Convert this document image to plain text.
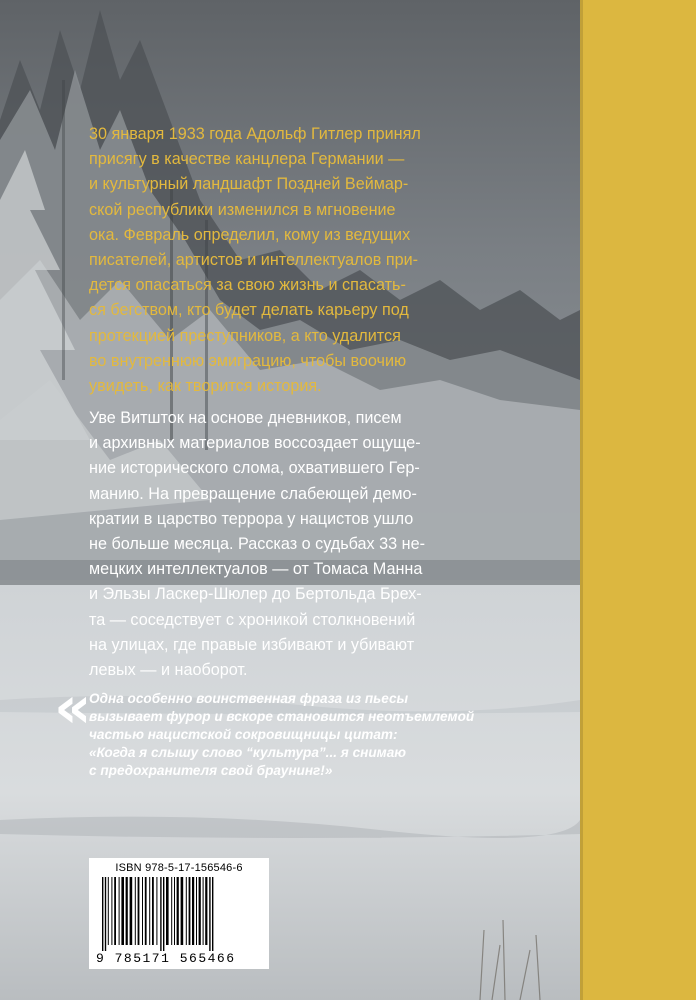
30 января 1933 года Адольф Гитлер принял
присягу в качестве канцлера Германии —
и культурный ландшафт Поздней Веймар-
ской республики изменился в мгновение
ока. Февраль определил, кому из ведущих
писателей, артистов и интеллектуалов при-
дется опасаться за свою жизнь и спасать-
ся бегством, кто будет делать карьеру под
протекцией преступников, а кто удалится
во внутреннюю эмиграцию, чтобы воочию
увидеть, как творится история.

Уве Витшток на основе дневников, писем
и архивных материалов воссоздает ощуще-
ние исторического слома, охватившего Гер-
манию. На превращение слабеющей демо-
кратии в царство террора у нацистов ушло
не больше месяца. Рассказ о судьбах 33 не-
мецких интеллектуалов — от Томаса Манна
и Эльзы Ласкер-Шюлер до Бертольда Брех-
та — соседствует с хроникой столкновений
на улицах, где правые избивают и убивают
левых — и наоборот.

«

Одна особенно воинственная фраза из пьесы
вызывает фурор и вскоре становится неотъемлемой
частью нацистской сокровищницы цитат:
«Когда я слышу слово “культура”... я снимаю
с предохранителя свой браунинг!»

ISBN 978-5-17-156546-6
9 785171 565466
